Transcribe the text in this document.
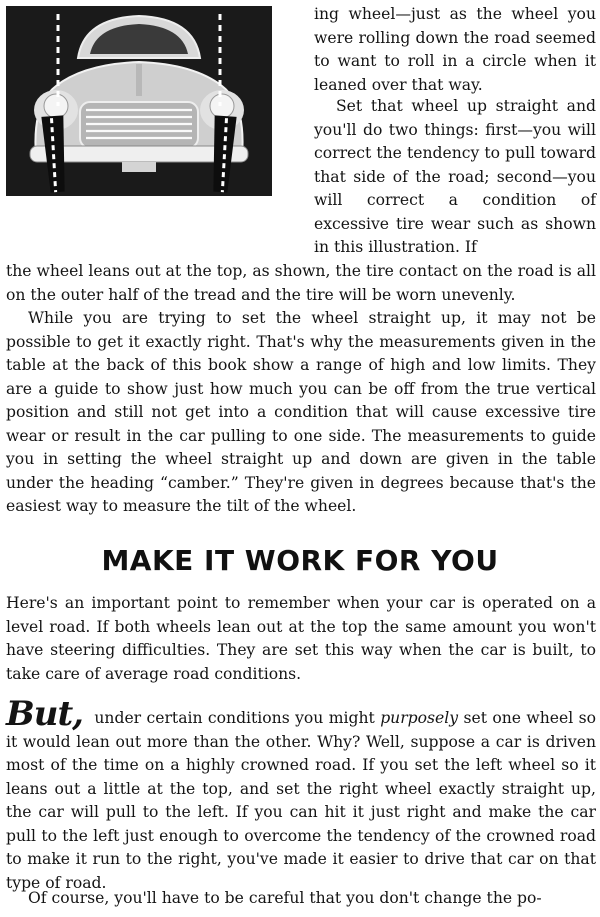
ing wheel—just as the wheel you were rolling down the road seemed to want to roll in a circle when it leaned over that way.

Set that wheel up straight and you'll do two things: first—you will correct the tendency to pull toward that side of the road; second—you will correct a condition of excessive tire wear such as shown in this illustration. If

the wheel leans out at the top, as shown, the tire contact on the road is all on the outer half of the tread and the tire will be worn unevenly.

While you are trying to set the wheel straight up, it may not be possible to get it exactly right. That's why the measurements given in the table at the back of this book show a range of high and low limits. They are a guide to show just how much you can be off from the true vertical position and still not get into a condition that will cause excessive tire wear or result in the car pulling to one side. The measurements to guide you in setting the wheel straight up and down are given in the table under the heading “camber.” They're given in degrees because that's the easiest way to measure the tilt of the wheel.

MAKE IT WORK FOR YOU

Here's an important point to remember when your car is operated on a level road. If both wheels lean out at the top the same amount you won't have steering difficulties. They are set this way when the car is built, to take care of average road conditions.

But, under certain conditions you might purposely set one wheel so it would lean out more than the other. Why? Well, suppose a car is driven most of the time on a highly crowned road. If you set the left wheel so it leans out a little at the top, and set the right wheel exactly straight up, the car will pull to the left. If you can hit it just right and make the car pull to the left just enough to overcome the tendency of the crowned road to make it run to the right, you've made it easier to drive that car on that type of road.

Of course, you'll have to be careful that you don't change the po-
